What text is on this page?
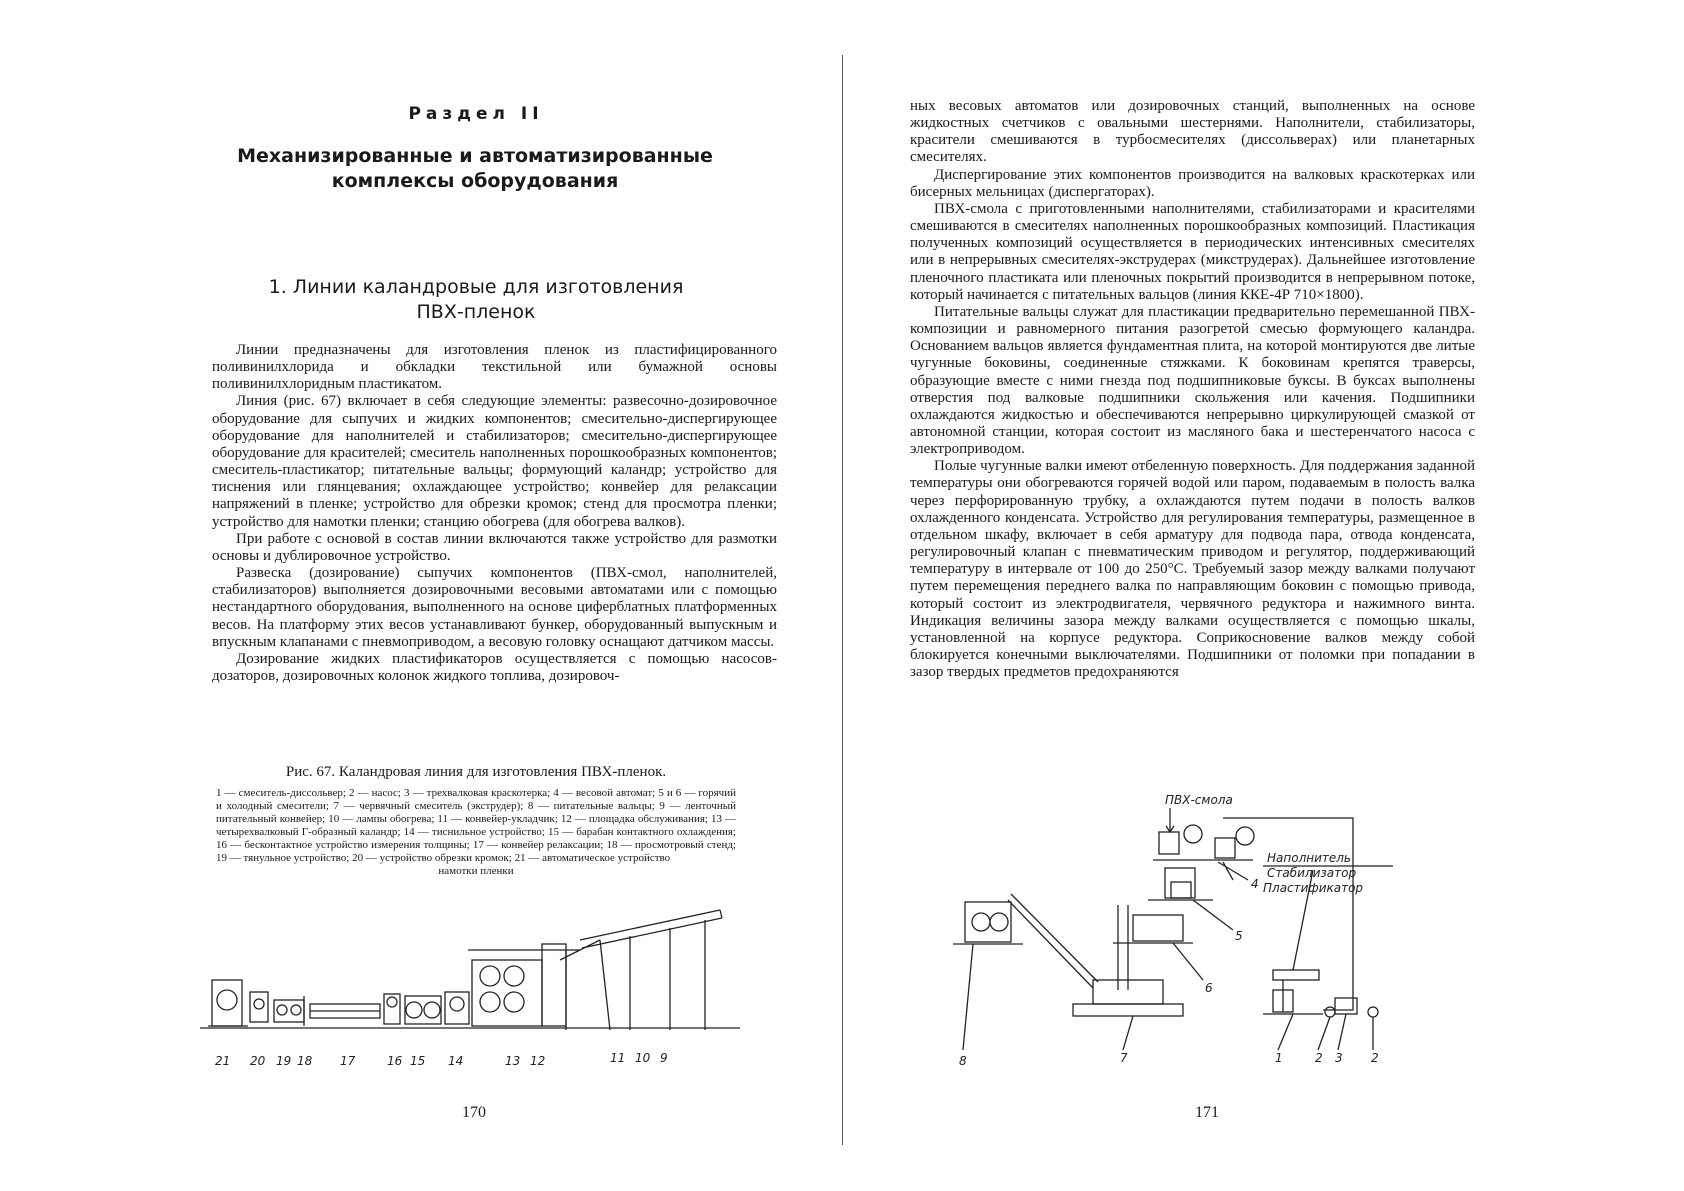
Раздел II
Механизированные и автоматизированные
комплексы оборудования
1. Линии каландровые для изготовления
ПВХ-пленок

Линии предназначены для изготовления пленок из пластифицированного поливинилхлорида и обкладки текстильной или бумажной основы поливинилхлоридным пластикатом.

Линия (рис. 67) включает в себя следующие элементы: развесочно-дозировочное оборудование для сыпучих и жидких компонентов; смесительно-диспергирующее оборудование для наполнителей и стабилизаторов; смесительно-диспергирующее оборудование для красителей; смеситель наполненных порошкообразных компонентов; смеситель-пластикатор; питательные вальцы; формующий каландр; устройство для тиснения или глянцевания; охлаждающее устройство; конвейер для релаксации напряжений в пленке; устройство для обрезки кромок; стенд для просмотра пленки; устройство для намотки пленки; станцию обогрева (для обогрева валков).

При работе с основой в состав линии включаются также устройство для размотки основы и дублировочное устройство.

Развеска (дозирование) сыпучих компонентов (ПВХ-смол, наполнителей, стабилизаторов) выполняется дозировочными весовыми автоматами или с помощью нестандартного оборудования, выполненного на основе циферблатных платформенных весов. На платформу этих весов устанавливают бункер, оборудованный выпускным и впускным клапанами с пневмоприводом, а весовую головку оснащают датчиком массы.

Дозирование жидких пластификаторов осуществляется с помощью насосов-дозаторов, дозировочных колонок жидкого топлива, дозировоч-

Рис. 67. Каландровая линия для изготовления ПВХ-пленок.
1 — смеситель-диссольвер; 2 — насос; 3 — трехвалковая краскотерка; 4 — весовой автомат; 5 и 6 — горячий и холодный смесители; 7 — червячный смеситель (экструдер); 8 — питательные вальцы; 9 — ленточный питательный конвейер; 10 — лампы обогрева; 11 — конвейер-укладчик; 12 — площадка обслуживания; 13 — четырехвалковый Г-образный каландр; 14 — тиснильное устройство; 15 — барабан контактного охлаждения; 16 — бесконтактное устройство измерения толщины; 17 — конвейер релаксации; 18 — просмотровый стенд; 19 — тянульное устройство; 20 — устройство обрезки кромок; 21 — автоматическое устройство
намотки пленки
21 20 19 18 17	16 15 14	13 12	11 10 9
170

ных весовых автоматов или дозировочных станций, выполненных на основе жидкостных счетчиков с овальными шестернями. Наполнители, стабилизаторы, красители смешиваются в турбосмесителях (диссольверах) или планетарных смесителях.

Диспергирование этих компонентов производится на валковых краскотерках или бисерных мельницах (диспергаторах).

ПВХ-смола с приготовленными наполнителями, стабилизаторами и красителями смешиваются в смесителях наполненных порошкообразных композиций. Пластикация полученных композиций осуществляется в периодических интенсивных смесителях или в непрерывных смесителях-экструдерах (микструдерах). Дальнейшее изготовление пленочного пластиката или пленочных покрытий производится в непрерывном потоке, который начинается с питательных вальцов (линия ККЕ-4Р 710×1800).

Питательные вальцы служат для пластикации предварительно перемешанной ПВХ-композиции и равномерного питания разогретой смесью формующего каландра. Основанием вальцов является фундаментная плита, на которой монтируются две литые чугунные боковины, соединенные стяжками. К боковинам крепятся траверсы, образующие вместе с ними гнезда под подшипниковые буксы. В буксах выполнены отверстия под валковые подшипники скольжения или качения. Подшипники охлаждаются жидкостью и обеспечиваются непрерывно циркулирующей смазкой от автономной станции, которая состоит из масляного бака и шестеренчатого насоса с электроприводом.

Полые чугунные валки имеют отбеленную поверхность. Для поддержания заданной температуры они обогреваются горячей водой или паром, подаваемым в полость валка через перфорированную трубку, а охлаждаются путем подачи в полость валков охлажденного конденсата. Устройство для регулирования температуры, размещенное в отдельном шкафу, включает в себя арматуру для подвода пара, отвода конденсата, регулировочный клапан с пневматическим приводом и регулятор, поддерживающий температуру в интервале от 100 до 250°С. Требуемый зазор между валками получают путем перемещения переднего валка по направляющим боковин с помощью привода, который состоит из электродвигателя, червячного редуктора и нажимного винта. Индикация величины зазора между валками осуществляется с помощью шкалы, установленной на корпусе редуктора. Соприкосновение валков между собой блокируется конечными выключателями. Подшипники от поломки при попадании в зазор твердых предметов предохраняются

ПВХ-смола
Наполнитель
Стабилизатор
Пластификатор
4
5
6
7
8	1	2 3 2
171
